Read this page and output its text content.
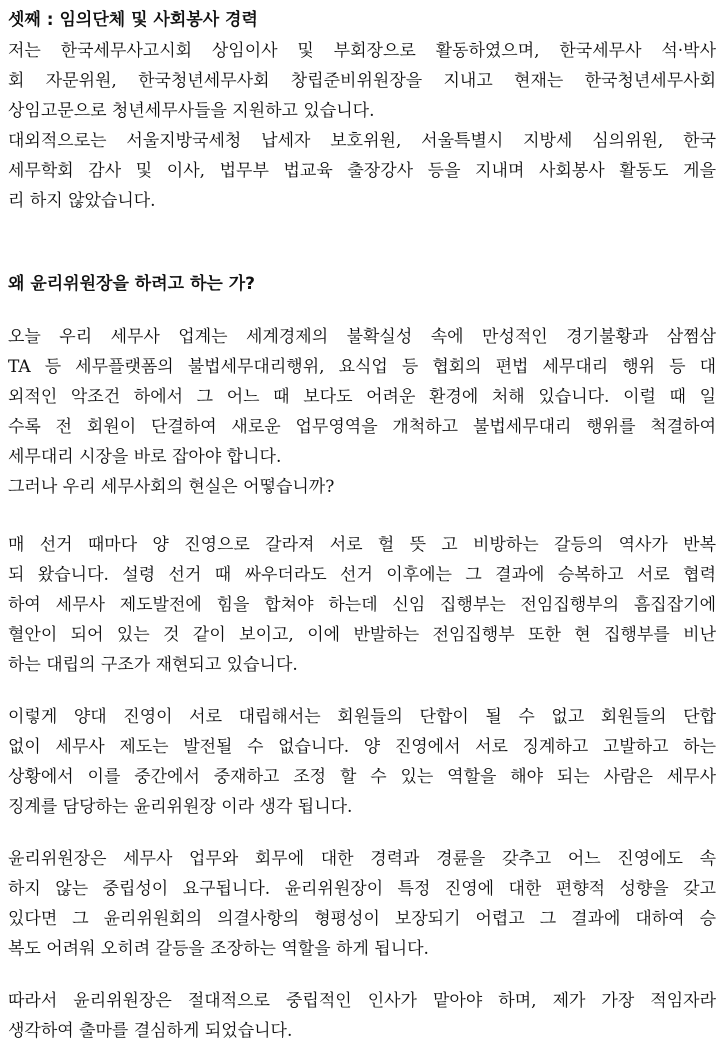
셋째 : 임의단체 및 사회봉사 경력
저는 한국세무사고시회 상임이사 및 부회장으로 활동하였으며, 한국세무사 석·박사
회 자문위원, 한국청년세무사회 창립준비위원장을 지내고 현재는 한국청년세무사회
상임고문으로 청년세무사들을 지원하고 있습니다.
대외적으로는 서울지방국세청 납세자 보호위원, 서울특별시 지방세 심의위원, 한국
세무학회 감사 및 이사, 법무부 법교육 출장강사 등을 지내며 사회봉사 활동도 게을
리 하지 않았습니다.
왜 윤리위원장을 하려고 하는 가?
오늘 우리 세무사 업계는 세계경제의 불확실성 속에 만성적인 경기불황과 삼쩜삼
TA 등 세무플랫폼의 불법세무대리행위, 요식업 등 협회의 편법 세무대리 행위 등 대
외적인 악조건 하에서 그 어느 때 보다도 어려운 환경에 처해 있습니다. 이럴 때 일
수록 전 회원이 단결하여 새로운 업무영역을 개척하고 불법세무대리 행위를 척결하여
세무대리 시장을 바로 잡아야 합니다.
그러나 우리 세무사회의 현실은 어떻습니까?
매 선거 때마다 양 진영으로 갈라져 서로 헐 뜻 고 비방하는 갈등의 역사가 반복
되 왔습니다. 설령 선거 때 싸우더라도 선거 이후에는 그 결과에 승복하고 서로 협력
하여 세무사 제도발전에 힘을 합쳐야 하는데 신임 집행부는 전임집행부의 흠집잡기에
혈안이 되어 있는 것 같이 보이고, 이에 반발하는 전임집행부 또한 현 집행부를 비난
하는 대립의 구조가 재현되고 있습니다.
이렇게 양대 진영이 서로 대립해서는 회원들의 단합이 될 수 없고 회원들의 단합
없이 세무사 제도는 발전될 수 없습니다. 양 진영에서 서로 징계하고 고발하고 하는
상황에서 이를 중간에서 중재하고 조정 할 수 있는 역할을 해야 되는 사람은 세무사
징계를 담당하는 윤리위원장 이라 생각 됩니다.
윤리위원장은 세무사 업무와 회무에 대한 경력과 경륜을 갖추고 어느 진영에도 속
하지 않는 중립성이 요구됩니다. 윤리위원장이 특정 진영에 대한 편향적 성향을 갖고
있다면 그 윤리위원회의 의결사항의 형평성이 보장되기 어렵고 그 결과에 대하여 승
복도 어려워 오히려 갈등을 조장하는 역할을 하게 됩니다.
따라서 윤리위원장은 절대적으로 중립적인 인사가 맡아야 하며, 제가 가장 적임자라
생각하여 출마를 결심하게 되었습니다.
